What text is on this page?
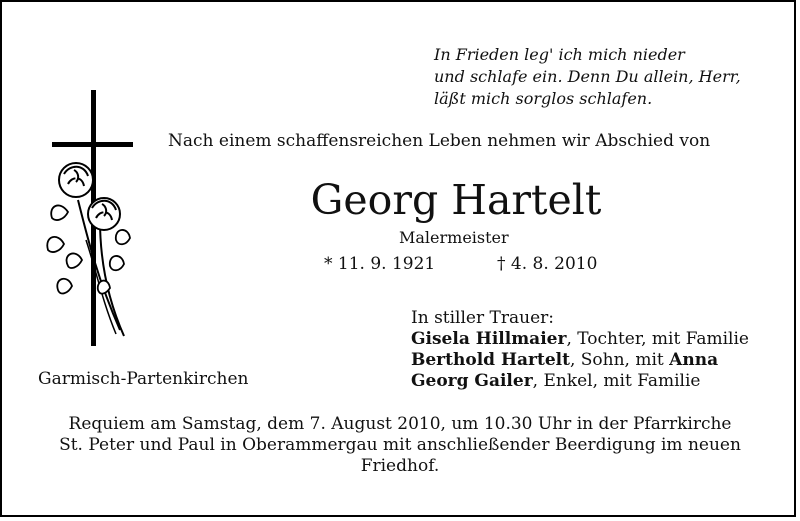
In Frieden leg' ich mich nieder
und schlafe ein. Denn Du allein, Herr,
läßt mich sorglos schlafen.
Nach einem schaffensreichen Leben nehmen wir Abschied von
Georg Hartelt
Malermeister
* 11. 9. 1921	† 4. 8. 2010
In stiller Trauer:
Gisela Hillmaier, Tochter, mit Familie
Berthold Hartelt, Sohn, mit Anna
Georg Gailer, Enkel, mit Familie
Garmisch-Partenkirchen
Requiem am Samstag, dem 7. August 2010, um 10.30 Uhr in der Pfarrkirche
St. Peter und Paul in Oberammergau mit anschließender Beerdigung im neuen
Friedhof.
